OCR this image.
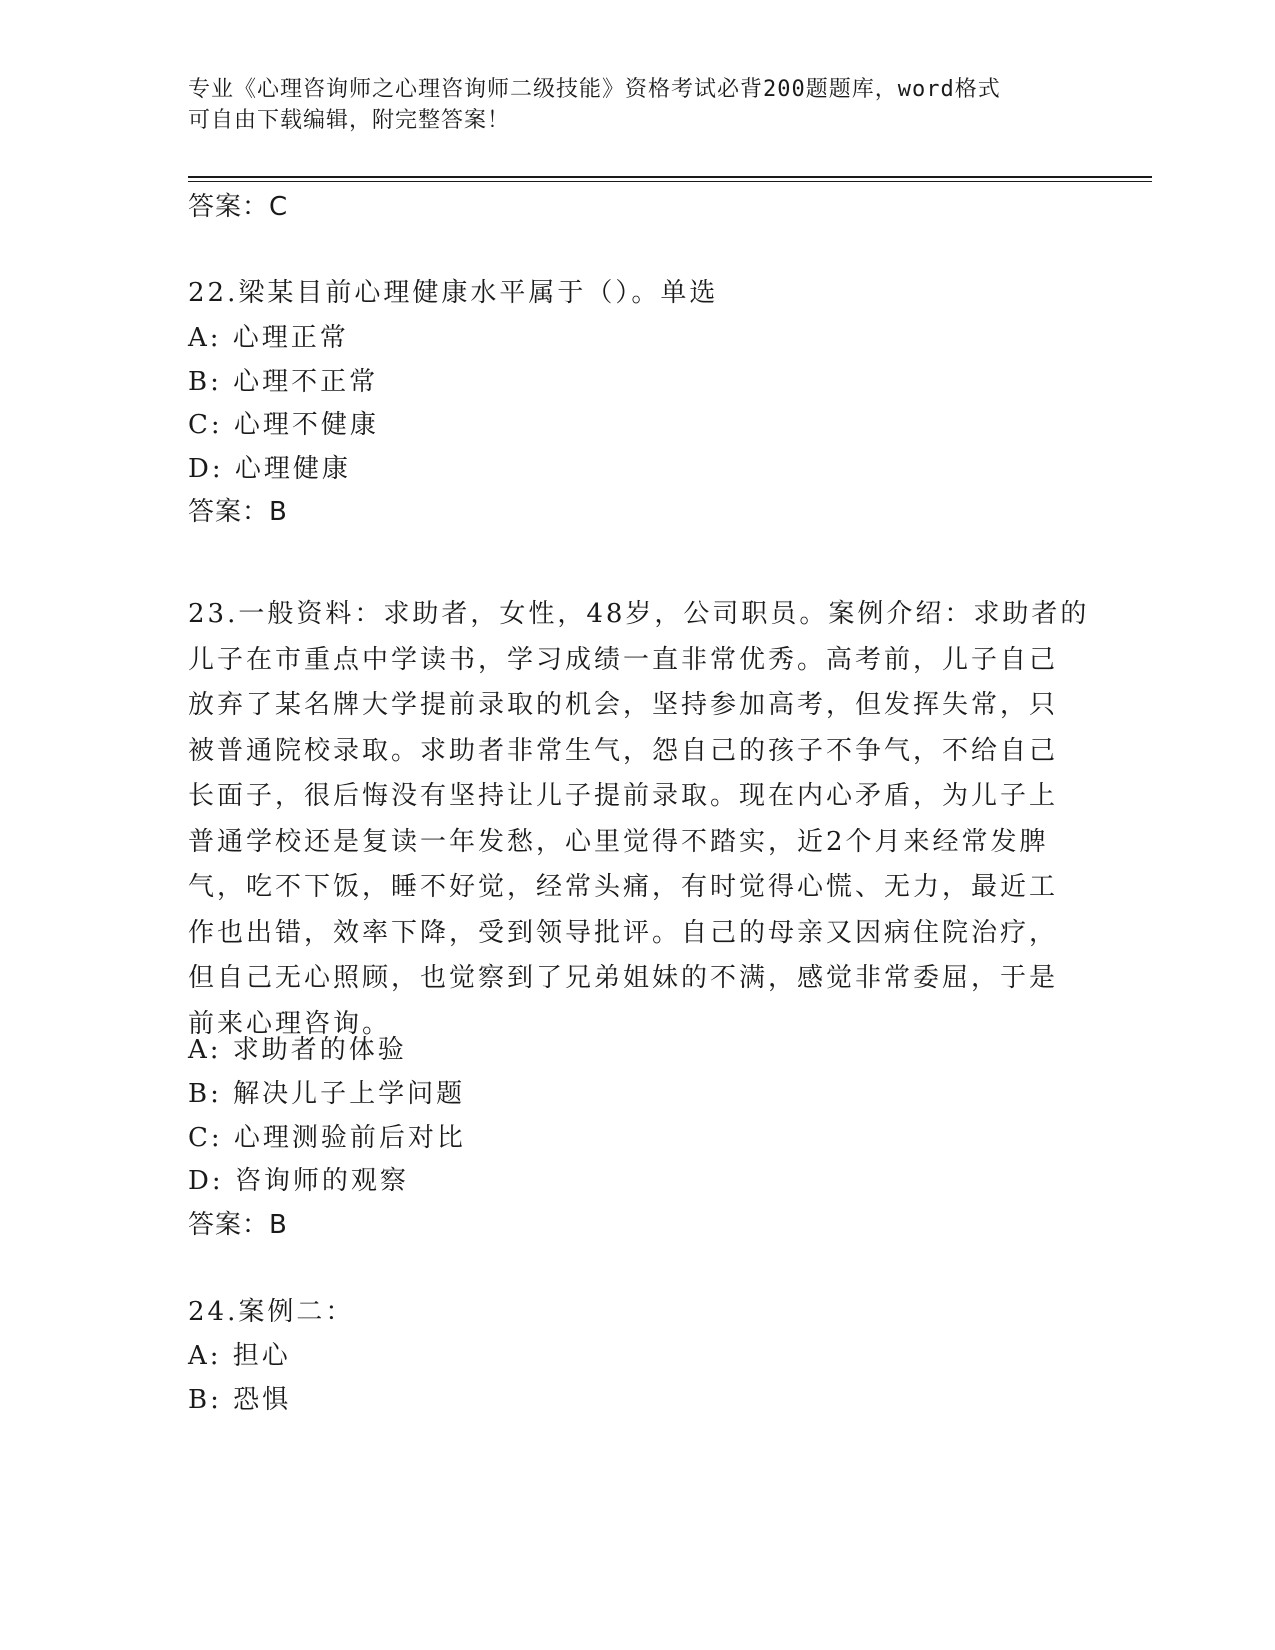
专业《心理咨询师之心理咨询师二级技能》资格考试必背200题题库，word格式
可自由下载编辑，附完整答案！
答案：C
22.梁某目前心理健康水平属于（）。单选
A: 心理正常
B: 心理不正常
C: 心理不健康
D: 心理健康
答案：B
23.一般资料：求助者，女性，48岁，公司职员。案例介绍：求助者的
儿子在市重点中学读书，学习成绩一直非常优秀。高考前，儿子自己
放弃了某名牌大学提前录取的机会，坚持参加高考，但发挥失常，只
被普通院校录取。求助者非常生气，怨自己的孩子不争气，不给自己
长面子，很后悔没有坚持让儿子提前录取。现在内心矛盾，为儿子上
普通学校还是复读一年发愁，心里觉得不踏实，近2个月来经常发脾
气，吃不下饭，睡不好觉，经常头痛，有时觉得心慌、无力，最近工
作也出错，效率下降，受到领导批评。自己的母亲又因病住院治疗，
但自己无心照顾，也觉察到了兄弟姐妹的不满，感觉非常委屈，于是
前来心理咨询。
A: 求助者的体验
B: 解决儿子上学问题
C: 心理测验前后对比
D: 咨询师的观察
答案：B
24.案例二：
A: 担心
B: 恐惧
